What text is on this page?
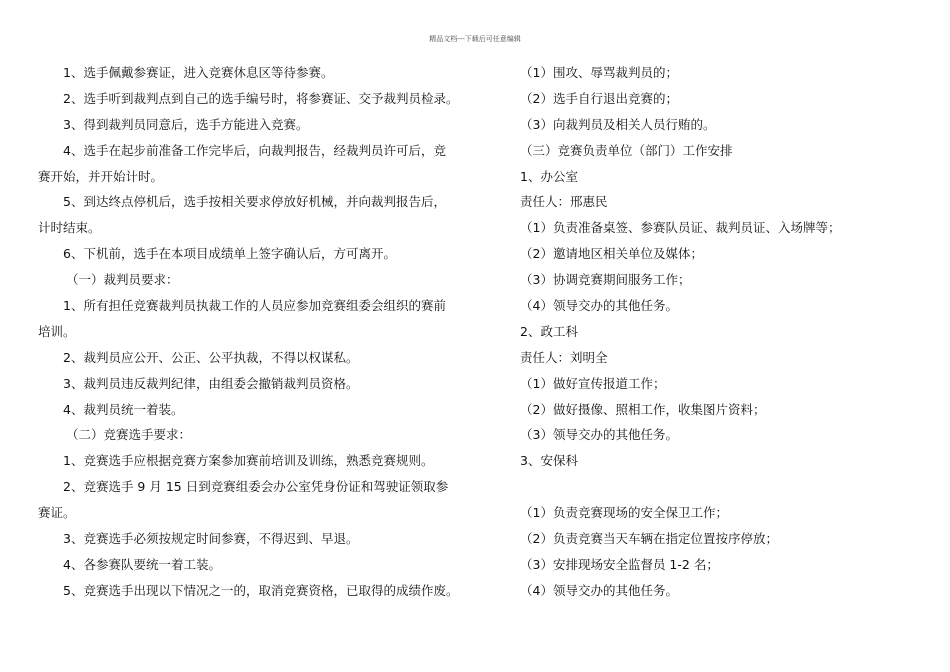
精品文档---下载后可任意编辑
1、选手佩戴参赛证，进入竞赛休息区等待参赛。
2、选手听到裁判点到自己的选手编号时，将参赛证、交予裁判员检录。
3、得到裁判员同意后，选手方能进入竞赛。
4、选手在起步前准备工作完毕后，向裁判报告，经裁判员许可后，竞
赛开始，并开始计时。
5、到达终点停机后，选手按相关要求停放好机械，并向裁判报告后，
计时结束。
6、下机前，选手在本项目成绩单上签字确认后，方可离开。
（一）裁判员要求：
1、所有担任竞赛裁判员执裁工作的人员应参加竞赛组委会组织的赛前
培训。
2、裁判员应公开、公正、公平执裁，不得以权谋私。
3、裁判员违反裁判纪律，由组委会撤销裁判员资格。
4、裁判员统一着装。
（二）竞赛选手要求：
1、竞赛选手应根据竞赛方案参加赛前培训及训练，熟悉竞赛规则。
2、竞赛选手 9 月 15 日到竞赛组委会办公室凭身份证和驾驶证领取参
赛证。
3、竞赛选手必须按规定时间参赛，不得迟到、早退。
4、各参赛队要统一着工装。
5、竞赛选手出现以下情况之一的，取消竞赛资格，已取得的成绩作废。
（1）围攻、辱骂裁判员的；
（2）选手自行退出竞赛的；
（3）向裁判员及相关人员行贿的。
（三）竞赛负责单位（部门）工作安排
1、办公室
责任人：邢惠民
（1）负责准备桌签、参赛队员证、裁判员证、入场牌等；
（2）邀请地区相关单位及媒体；
（3）协调竞赛期间服务工作；
（4）领导交办的其他任务。
2、政工科
责任人：刘明全
（1）做好宣传报道工作；
（2）做好摄像、照相工作，收集图片资料；
（3）领导交办的其他任务。
3、安保科
（1）负责竞赛现场的安全保卫工作；
（2）负责竞赛当天车辆在指定位置按序停放；
（3）安排现场安全监督员 1-2 名；
（4）领导交办的其他任务。
